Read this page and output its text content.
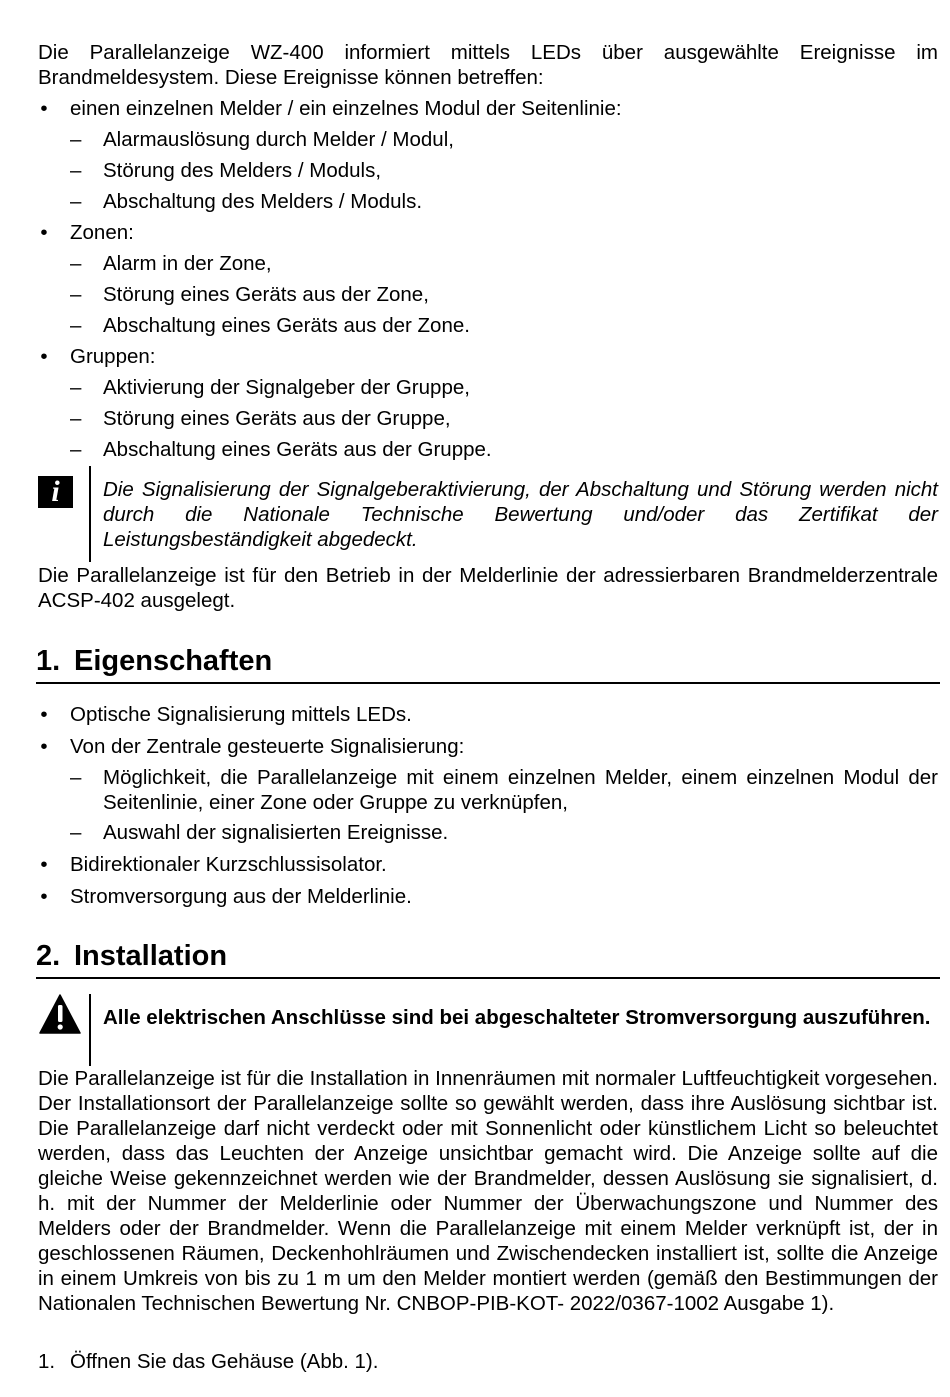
Die Parallelanzeige WZ-400 informiert mittels LEDs über ausgewählte Ereignisse im Brandmeldesystem. Diese Ereignisse können betreffen:

• einen einzelnen Melder / ein einzelnes Modul der Seitenlinie:
– Alarmauslösung durch Melder / Modul,
– Störung des Melders / Moduls,
– Abschaltung des Melders / Moduls.
• Zonen:
– Alarm in der Zone,
– Störung eines Geräts aus der Zone,
– Abschaltung eines Geräts aus der Zone.
• Gruppen:
– Aktivierung der Signalgeber der Gruppe,
– Störung eines Geräts aus der Gruppe,
– Abschaltung eines Geräts aus der Gruppe.
i	Die Signalisierung der Signalgeberaktivierung, der Abschaltung und Störung werden nicht durch die Nationale Technische Bewertung und/oder das Zertifikat der Leistungsbeständigkeit abgedeckt.

Die Parallelanzeige ist für den Betrieb in der Melderlinie der adressierbaren Brandmelderzentrale ACSP-402 ausgelegt.

1. Eigenschaften
• Optische Signalisierung mittels LEDs.
• Von der Zentrale gesteuerte Signalisierung:
– Möglichkeit, die Parallelanzeige mit einem einzelnen Melder, einem einzelnen Modul der Seitenlinie, einer Zone oder Gruppe zu verknüpfen,
– Auswahl der signalisierten Ereignisse.
• Bidirektionaler Kurzschlussisolator.
• Stromversorgung aus der Melderlinie.
2. Installation
Alle elektrischen Anschlüsse sind bei abgeschalteter Stromversorgung auszuführen.

Die Parallelanzeige ist für die Installation in Innenräumen mit normaler Luftfeuchtigkeit vorgesehen. Der Installationsort der Parallelanzeige sollte so gewählt werden, dass ihre Auslösung sichtbar ist. Die Parallelanzeige darf nicht verdeckt oder mit Sonnenlicht oder künstlichem Licht so beleuchtet werden, dass das Leuchten der Anzeige unsichtbar gemacht wird. Die Anzeige sollte auf die gleiche Weise gekennzeichnet werden wie der Brandmelder, dessen Auslösung sie signalisiert, d. h. mit der Nummer der Melderlinie oder Nummer der Überwachungszone und Nummer des Melders oder der Brandmelder. Wenn die Parallelanzeige mit einem Melder verknüpft ist, der in geschlossenen Räumen, Deckenhohlräumen und Zwischendecken installiert ist, sollte die Anzeige in einem Umkreis von bis zu 1 m um den Melder montiert werden (gemäß den Bestimmungen der Nationalen Technischen Bewertung Nr. CNBOP-PIB-KOT- 2022/0367-1002 Ausgabe 1).

1. Öffnen Sie das Gehäuse (Abb. 1).
